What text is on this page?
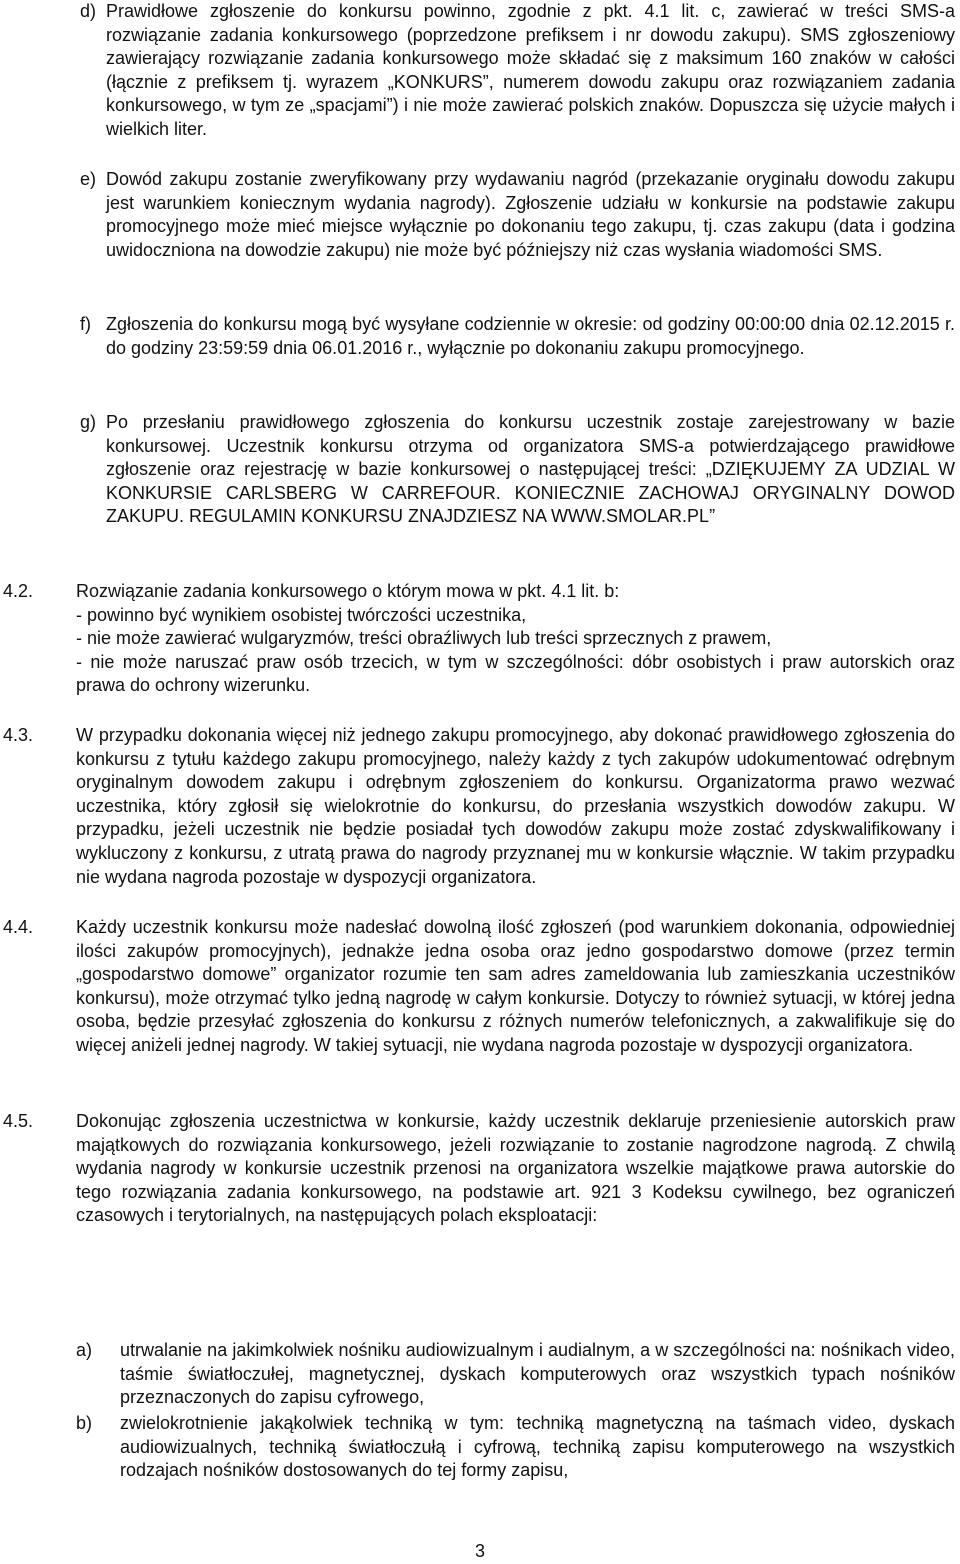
d) Prawidłowe zgłoszenie do konkursu powinno, zgodnie z pkt. 4.1 lit. c, zawierać w treści SMS-a rozwiązanie zadania konkursowego (poprzedzone prefiksem i nr dowodu zakupu). SMS zgłoszeniowy zawierający rozwiązanie zadania konkursowego może składać się z maksimum 160 znaków w całości (łącznie z prefiksem tj. wyrazem „KONKURS”, numerem dowodu zakupu oraz rozwiązaniem zadania konkursowego, w tym ze „spacjami”) i nie może zawierać polskich znaków. Dopuszcza się użycie małych i wielkich liter.
e) Dowód zakupu zostanie zweryfikowany przy wydawaniu nagród (przekazanie oryginału dowodu zakupu jest warunkiem koniecznym wydania nagrody). Zgłoszenie udziału w konkursie na podstawie zakupu promocyjnego może mieć miejsce wyłącznie po dokonaniu tego zakupu, tj. czas zakupu (data i godzina uwidoczniona na dowodzie zakupu) nie może być późniejszy niż czas wysłania wiadomości SMS.
f) Zgłoszenia do konkursu mogą być wysyłane codziennie w okresie: od godziny 00:00:00 dnia 02.12.2015 r. do godziny 23:59:59 dnia 06.01.2016 r., wyłącznie po dokonaniu zakupu promocyjnego.
g) Po przesłaniu prawidłowego zgłoszenia do konkursu uczestnik zostaje zarejestrowany w bazie konkursowej. Uczestnik konkursu otrzyma od organizatora SMS-a potwierdzającego prawidłowe zgłoszenie oraz rejestrację w bazie konkursowej o następującej treści: „DZIĘKUJEMY ZA UDZIAL W KONKURSIE CARLSBERG W CARREFOUR. KONIECZNIE ZACHOWAJ ORYGINALNY DOWOD ZAKUPU. REGULAMIN KONKURSU ZNAJDZIESZ NA WWW.SMOLAR.PL”
4.2.	Rozwiązanie zadania konkursowego o którym mowa w pkt. 4.1 lit. b:
- powinno być wynikiem osobistej twórczości uczestnika,
- nie może zawierać wulgaryzmów, treści obraźliwych lub treści sprzecznych z prawem,
- nie może naruszać praw osób trzecich, w tym w szczególności: dóbr osobistych i praw autorskich oraz prawa do ochrony wizerunku.
4.3.	W przypadku dokonania więcej niż jednego zakupu promocyjnego, aby dokonać prawidłowego zgłoszenia do konkursu z tytułu każdego zakupu promocyjnego, należy każdy z tych zakupów udokumentować odrębnym oryginalnym dowodem zakupu i odrębnym zgłoszeniem do konkursu. Organizatorma prawo wezwać uczestnika, który zgłosił się wielokrotnie do konkursu, do przesłania wszystkich dowodów zakupu. W przypadku, jeżeli uczestnik nie będzie posiadał tych dowodów zakupu może zostać zdyskwalifikowany i wykluczony z konkursu, z utratą prawa do nagrody przyznanej mu w konkursie włącznie. W takim przypadku nie wydana nagroda pozostaje w dyspozycji organizatora.
4.4.	Każdy uczestnik konkursu może nadesłać dowolną ilość zgłoszeń (pod warunkiem dokonania, odpowiedniej ilości zakupów promocyjnych), jednakże jedna osoba oraz jedno gospodarstwo domowe (przez termin „gospodarstwo domowe” organizator rozumie ten sam adres zameldowania lub zamieszkania uczestników konkursu), może otrzymać tylko jedną nagrodę w całym konkursie. Dotyczy to również sytuacji, w której jedna osoba, będzie przesyłać zgłoszenia do konkursu z różnych numerów telefonicznych, a zakwalifikuje się do więcej aniżeli jednej nagrody. W takiej sytuacji, nie wydana nagroda pozostaje w dyspozycji organizatora.
4.5.	Dokonując zgłoszenia uczestnictwa w konkursie, każdy uczestnik deklaruje przeniesienie autorskich praw majątkowych do rozwiązania konkursowego, jeżeli rozwiązanie to zostanie nagrodzone nagrodą. Z chwilą wydania nagrody w konkursie uczestnik przenosi na organizatora wszelkie majątkowe prawa autorskie do tego rozwiązania zadania konkursowego, na podstawie art. 921 3 Kodeksu cywilnego, bez ograniczeń czasowych i terytorialnych, na następujących polach eksploatacji:
a)	utrwalanie na jakimkolwiek nośniku audiowizualnym i audialnym, a w szczególności na: nośnikach video, taśmie światłoczułej, magnetycznej, dyskach komputerowych oraz wszystkich typach nośników przeznaczonych do zapisu cyfrowego,
b)	zwielokrotnienie jakąkolwiek techniką w tym: techniką magnetyczną na taśmach video, dyskach audiowizualnych, techniką światłoczułą i cyfrową, techniką zapisu komputerowego na wszystkich rodzajach nośników dostosowanych do tej formy zapisu,
3
